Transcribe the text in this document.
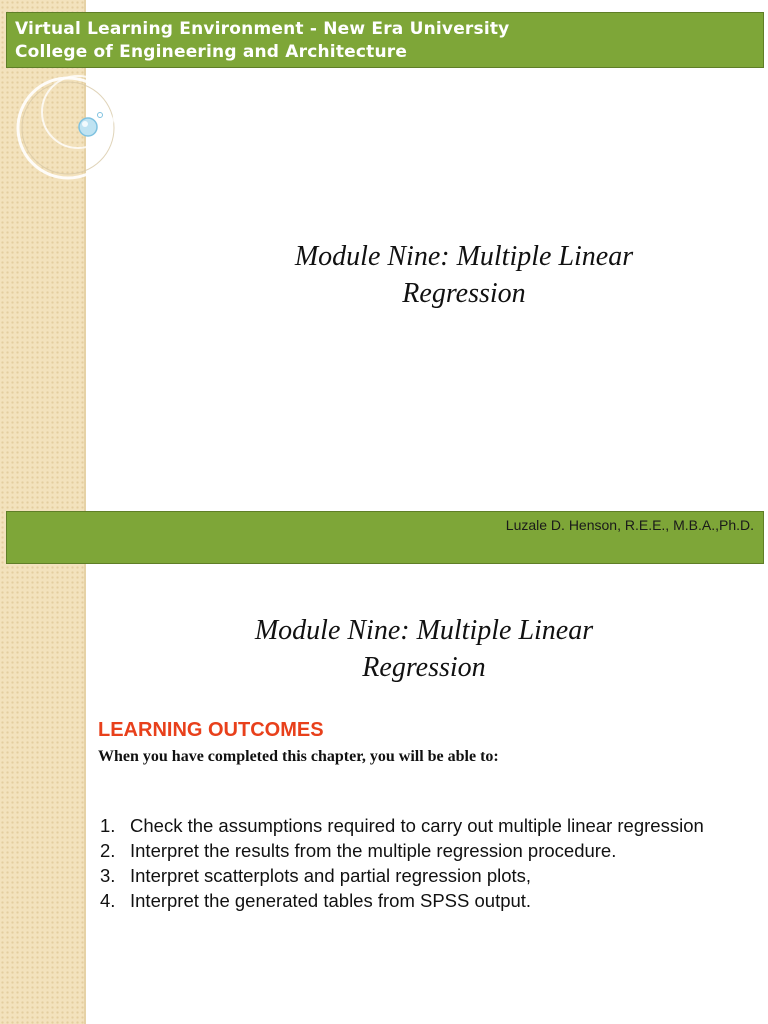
Virtual Learning Environment - New Era University
College of Engineering and Architecture
Module Nine: Multiple Linear
Regression
Luzale D. Henson, R.E.E., M.B.A.,Ph.D.
Module Nine: Multiple Linear
Regression
LEARNING OUTCOMES
When you have completed this chapter, you will be able to:
1. Check the assumptions required to carry out multiple linear regression
2. Interpret the results from the multiple regression procedure.
3. Interpret scatterplots and partial regression plots,
4. Interpret the generated tables from SPSS output.
